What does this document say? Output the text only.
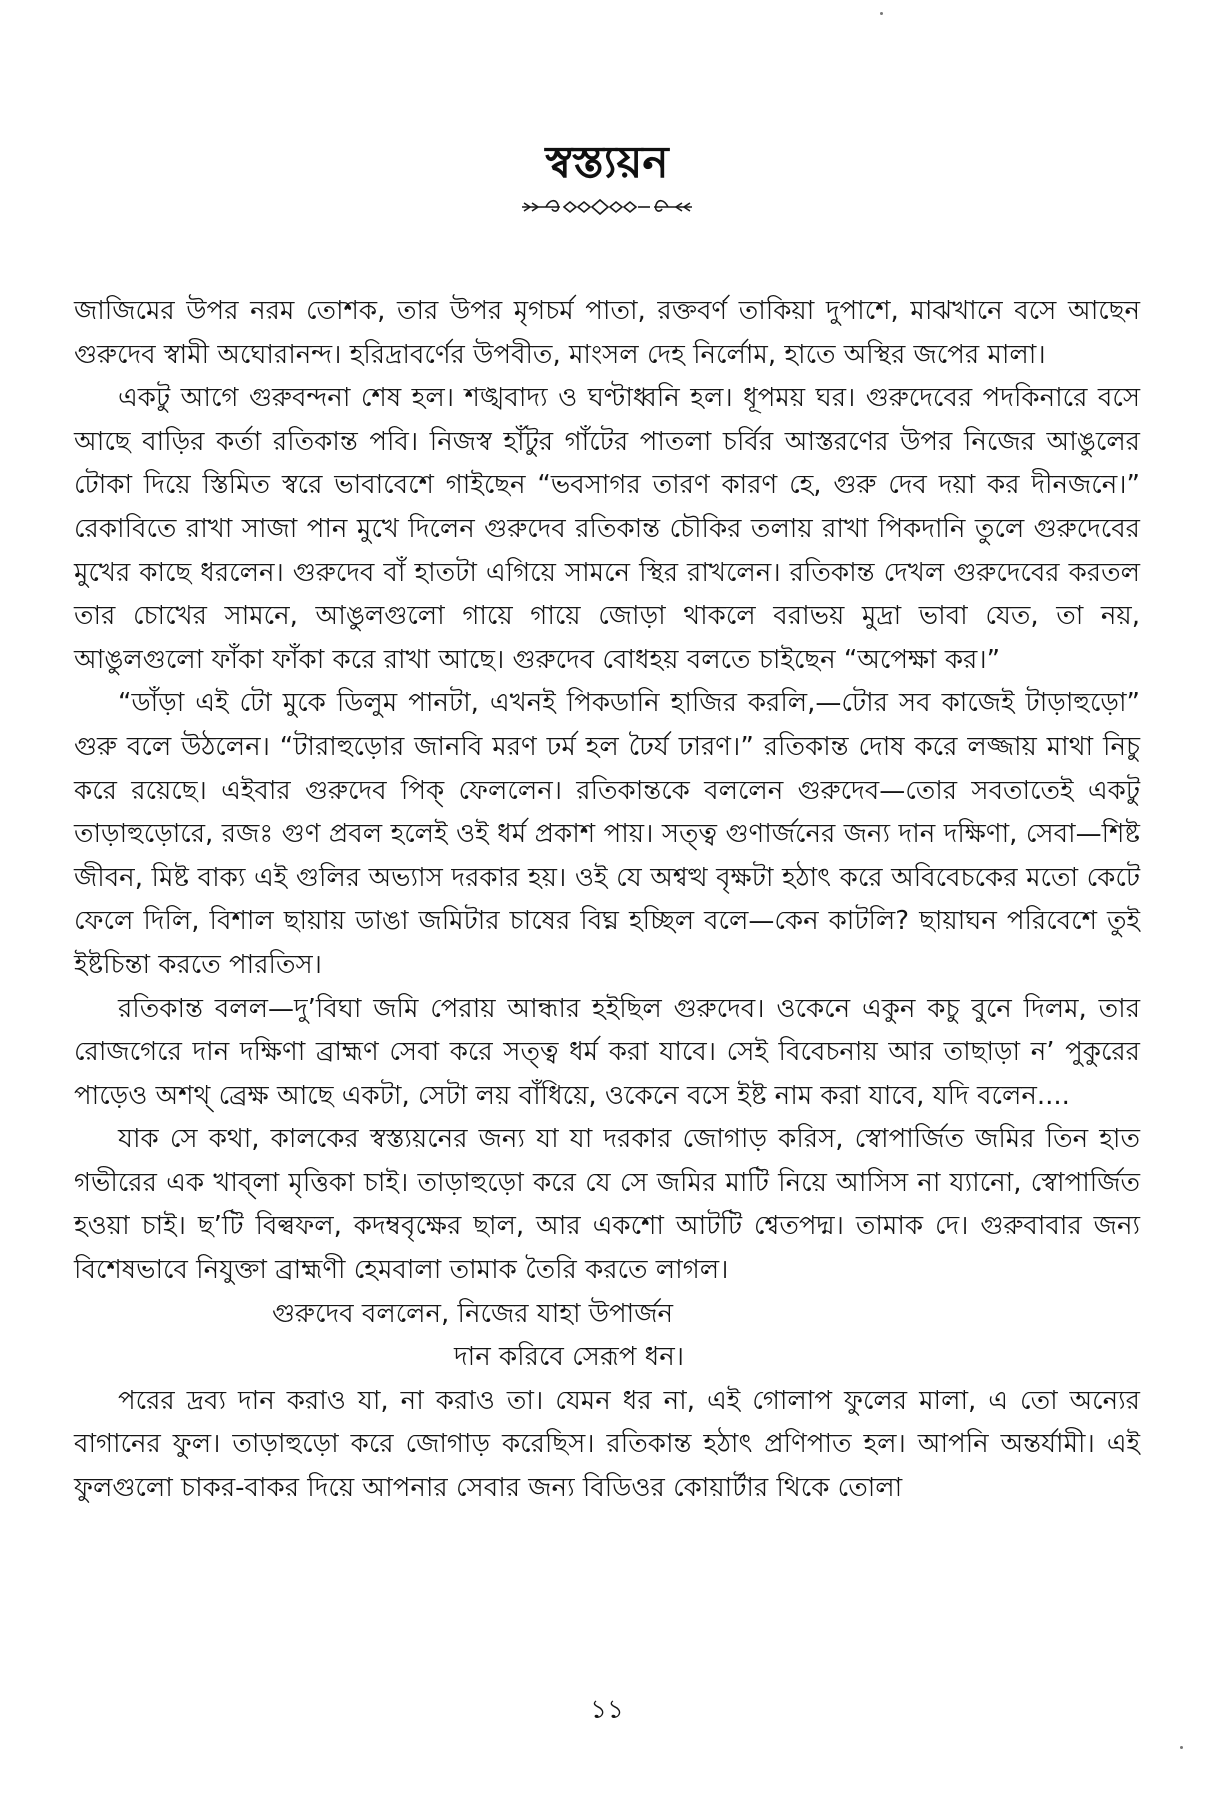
স্বস্ত্যয়ন

জাজিমের উপর নরম তোশক, তার উপর মৃগচর্ম পাতা, রক্তবর্ণ তাকিয়া দুপাশে, মাঝখানে বসে আছেন গুরুদেব স্বামী অঘোরানন্দ। হরিদ্রাবর্ণের উপবীত, মাংসল দেহ নির্লোম, হাতে অস্থির জপের মালা।

একটু আগে গুরুবন্দনা শেষ হল। শঙ্খবাদ্য ও ঘণ্টাধ্বনি হল। ধূপময় ঘর। গুরুদেবের পদকিনারে বসে আছে বাড়ির কর্তা রতিকান্ত পবি। নিজস্ব হাঁটুর গাঁটের পাতলা চর্বির আস্তরণের উপর নিজের আঙুলের টোকা দিয়ে স্তিমিত স্বরে ভাবাবেশে গাইছেন “ভবসাগর তারণ কারণ হে, গুরু দেব দয়া কর দীনজনে।” রেকাবিতে রাখা সাজা পান মুখে দিলেন গুরুদেব রতিকান্ত চৌকির তলায় রাখা পিকদানি তুলে গুরুদেবের মুখের কাছে ধরলেন। গুরুদেব বাঁ হাতটা এগিয়ে সামনে স্থির রাখলেন। রতিকান্ত দেখল গুরুদেবের করতল তার চোখের সামনে, আঙুলগুলো গায়ে গায়ে জোড়া থাকলে বরাভয় মুদ্রা ভাবা যেত, তা নয়, আঙুলগুলো ফাঁকা ফাঁকা করে রাখা আছে। গুরুদেব বোধহয় বলতে চাইছেন “অপেক্ষা কর।”

“ডাঁড়া এই টো মুকে ডিলুম পানটা, এখনই পিকডানি হাজির করলি,—টোর সব কাজেই টাড়াহুড়ো” গুরু বলে উঠলেন। “টারাহুড়োর জানবি মরণ ঢর্ম হল ঢৈর্য ঢারণ।” রতিকান্ত দোষ করে লজ্জায় মাথা নিচু করে রয়েছে। এইবার গুরুদেব পিক্ ফেললেন। রতিকান্তকে বললেন গুরুদেব—তোর সবতাতেই একটু তাড়াহুড়োরে, রজঃ গুণ প্রবল হলেই ওই ধর্ম প্রকাশ পায়। সত্ত্ব গুণার্জনের জন্য দান দক্ষিণা, সেবা—শিষ্ট জীবন, মিষ্ট বাক্য এই গুলির অভ্যাস দরকার হয়। ওই যে অশ্বত্থ বৃক্ষটা হঠাৎ করে অবিবেচকের মতো কেটে ফেলে দিলি, বিশাল ছায়ায় ডাঙা জমিটার চাষের বিঘ্ন হচ্ছিল বলে—কেন কাটলি? ছায়াঘন পরিবেশে তুই ইষ্টচিন্তা করতে পারতিস।

রতিকান্ত বলল—দু’বিঘা জমি পেরায় আন্ধার হইছিল গুরুদেব। ওকেনে একুন কচু বুনে দিলম, তার রোজগেরে দান দক্ষিণা ব্রাহ্মণ সেবা করে সত্ত্ব ধর্ম করা যাবে। সেই বিবেচনায় আর তাছাড়া ন’ পুকুরের পাড়েও অশথ্ ব্রেক্ষ আছে একটা, সেটা লয় বাঁধিয়ে, ওকেনে বসে ইষ্ট নাম করা যাবে, যদি বলেন....

যাক সে কথা, কালকের স্বস্ত্যয়নের জন্য যা যা দরকার জোগাড় করিস, স্বোপার্জিত জমির তিন হাত গভীরের এক খাব্‌লা মৃত্তিকা চাই। তাড়াহুড়ো করে যে সে জমির মাটি নিয়ে আসিস না য্যানো, স্বোপার্জিত হওয়া চাই। ছ’টি বিল্বফল, কদম্ববৃক্ষের ছাল, আর একশো আটটি শ্বেতপদ্ম। তামাক দে। গুরুবাবার জন্য বিশেষভাবে নিযুক্তা ব্রাহ্মণী হেমবালা তামাক তৈরি করতে লাগল।

গুরুদেব বললেন, নিজের যাহা উপার্জন

দান করিবে সেরূপ ধন।

পরের দ্রব্য দান করাও যা, না করাও তা। যেমন ধর না, এই গোলাপ ফুলের মালা, এ তো অন্যের বাগানের ফুল। তাড়াহুড়ো করে জোগাড় করেছিস। রতিকান্ত হঠাৎ প্রণিপাত হল। আপনি অন্তর্যামী। এই ফুলগুলো চাকর-বাকর দিয়ে আপনার সেবার জন্য বিডিওর কোয়ার্টার থিকে তোলা

১১
